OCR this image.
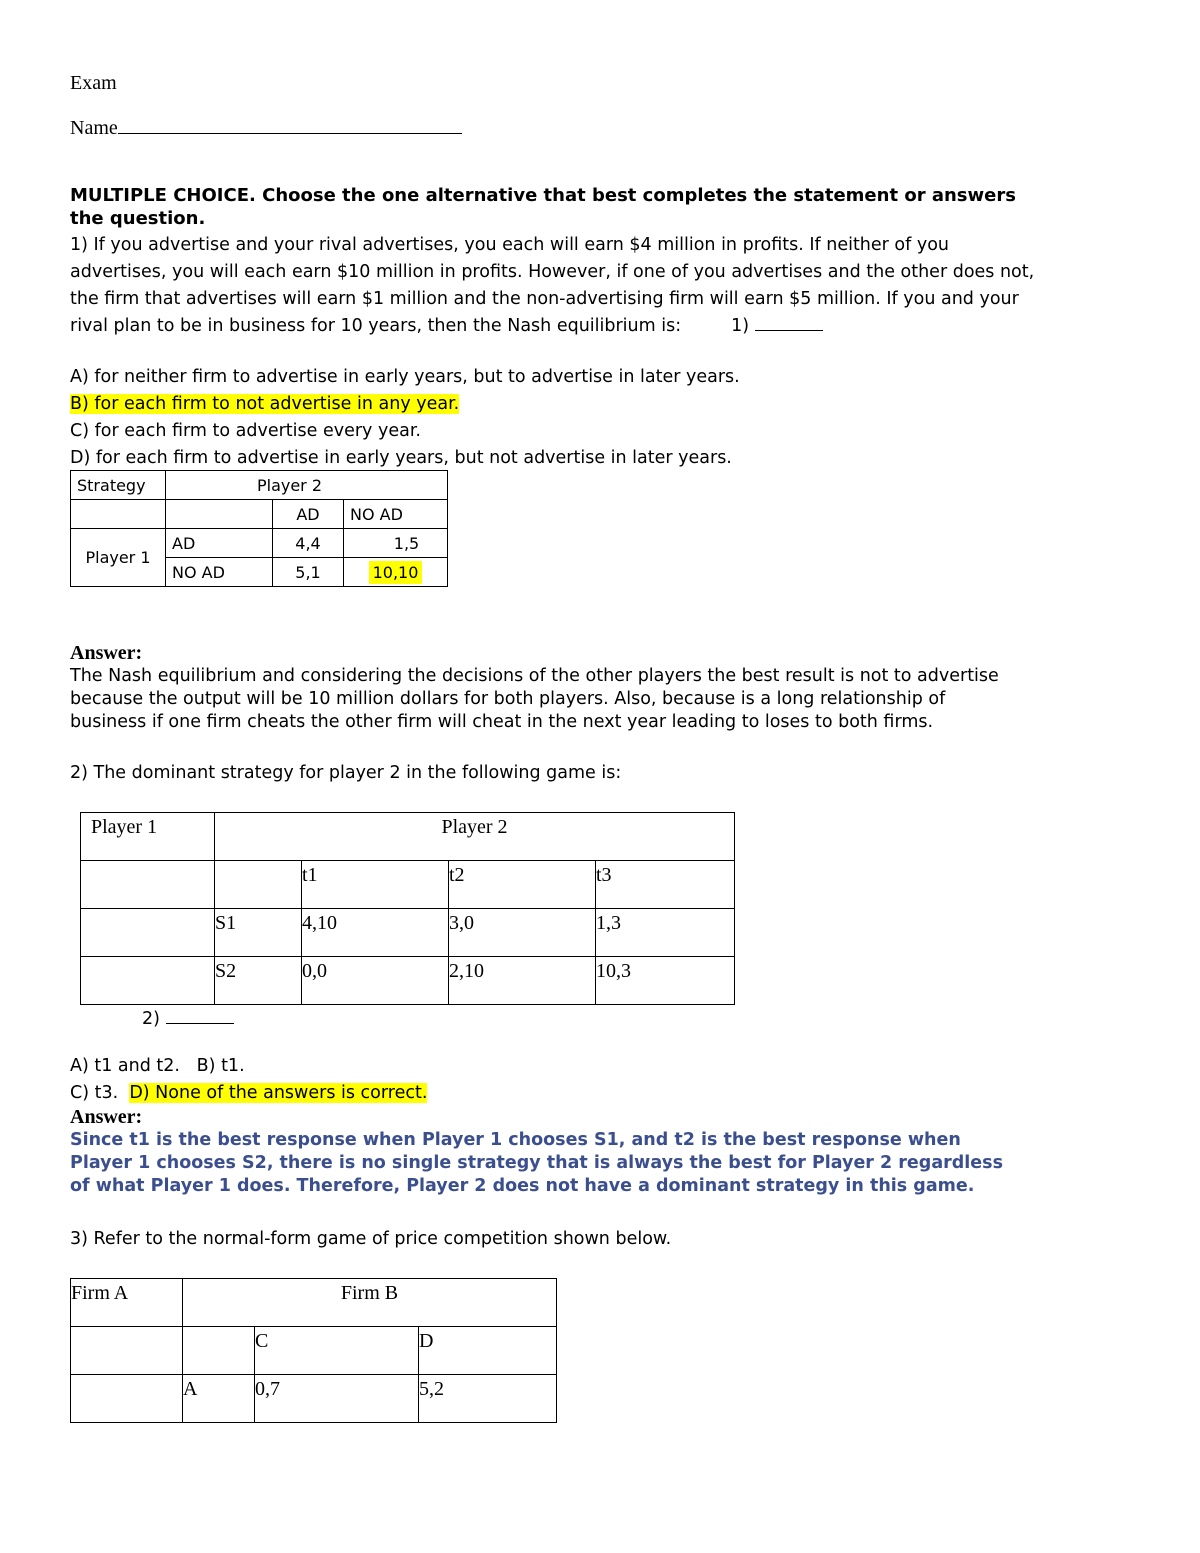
Exam
Name
MULTIPLE CHOICE. Choose the one alternative that best completes the statement or answers
the question.
1) If you advertise and your rival advertises, you each will earn $4 million in profits. If neither of you
advertises, you will each earn $10 million in profits. However, if one of you advertises and the other does not,
the firm that advertises will earn $1 million and the non-advertising firm will earn $5 million. If you and your
rival plan to be in business for 10 years, then the Nash equilibrium is:	1)
A) for neither firm to advertise in early years, but to advertise in later years.
B) for each firm to not advertise in any year.
C) for each firm to advertise every year.
D) for each firm to advertise in early years, but not advertise in later years.
Strategy	Player 2		
		AD	NO AD
Player 1	AD	4,4	1,5
	NO AD	5,1	10,10
Answer:
The Nash equilibrium and considering the decisions of the other players the best result is not to advertise
because the output will be 10 million dollars for both players. Also, because is a long relationship of
business if one firm cheats the other firm will cheat in the next year leading to loses to both firms.
2) The dominant strategy for player 2 in the following game is:
Player 1	Player 2			
		t1	t2	t3
	S1	4,10	3,0	1,3
	S2	0,0	2,10	10,3
2)
A) t1 and t2. B) t1.
C) t3. D) None of the answers is correct.
Answer:
Since t1 is the best response when Player 1 chooses S1, and t2 is the best response when
Player 1 chooses S2, there is no single strategy that is always the best for Player 2 regardless
of what Player 1 does. Therefore, Player 2 does not have a dominant strategy in this game.
3) Refer to the normal-form game of price competition shown below.
Firm A	Firm B		
		C	D
	A	0,7	5,2
